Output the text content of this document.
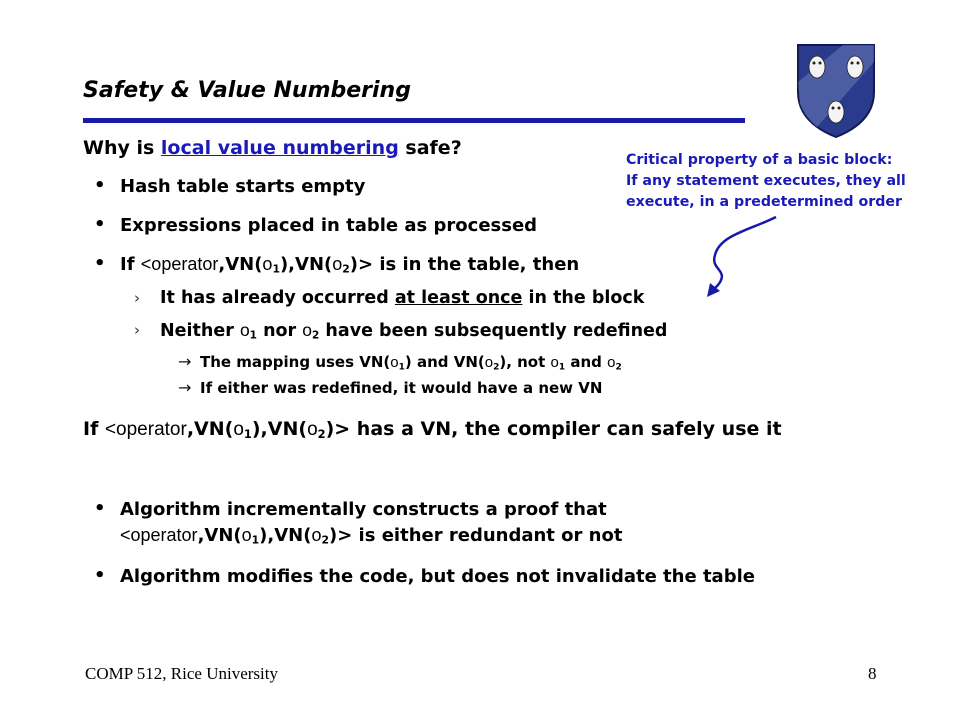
Safety & Value Numbering
Why is local value numbering safe?
• Hash table starts empty
• Expressions placed in table as processed
• $If <operator,VN(o_1),VN(o_2)>$ is in the table, then
› It has already occurred at least once in the block
› Neither $o_1$ nor $o_2$ have been subsequently redefined
→ The mapping uses $VN(o_1)$ and $VN(o_2)$, not $o_1$ and $o_2$
→ If either was redefined, it would have a new VN
$If <operator,VN(o_1),VN(o_2)>$ has a VN, the compiler can safely use it
• Algorithm incrementally constructs a proof that
$<operator,VN(o_1),VN(o_2)>$ is either redundant or not
• Algorithm modifies the code, but does not invalidate the table
Critical property of a basic block:
If any statement executes, they all
execute, in a predetermined order
COMP 512, Rice University	8
